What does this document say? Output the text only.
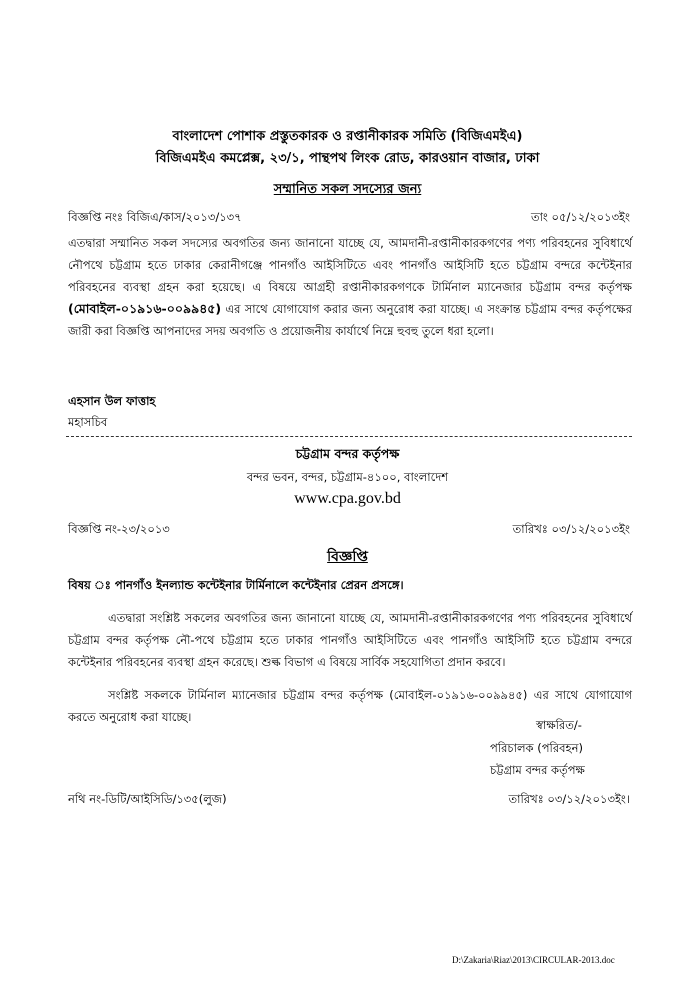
বাংলাদেশ পোশাক প্রস্তুতকারক ও রপ্তানীকারক সমিতি (বিজিএমইএ)
বিজিএমইএ কমপ্লেক্স, ২৩/১, পান্থপথ লিংক রোড, কারওয়ান বাজার, ঢাকা
সম্মানিত সকল সদস্যের জন্য
বিজ্ঞপ্তি নংঃ বিজিএ/কাস/২০১৩/১৩৭	তাং ০৫/১২/২০১৩ইং
এতদ্বারা সম্মানিত সকল সদস্যের অবগতির জন্য জানানো যাচ্ছে যে, আমদানী-রপ্তানীকারকগণের পণ্য পরিবহনের সুবিধার্থে নৌপথে চট্টগ্রাম হতে ঢাকার কেরানীগঞ্জে পানগাঁও আইসিটিতে এবং পানগাঁও আইসিটি হতে চট্টগ্রাম বন্দরে কন্টেইনার পরিবহনের ব্যবস্থা গ্রহন করা হয়েছে। এ বিষয়ে আগ্রহী রপ্তানীকারকগণকে টার্মিনাল ম্যানেজার চট্টগ্রাম বন্দর কর্তৃপক্ষ (মোবাইল-০১৯১৬-০০৯৯৪৫) এর সাথে যোগাযোগ করার জন্য অনুরোধ করা যাচ্ছে। এ সংক্রান্ত চট্টগ্রাম বন্দর কর্তৃপক্ষের জারী করা বিজ্ঞপ্তি আপনাদের সদয় অবগতি ও প্রয়োজনীয় কার্যার্থে নিম্নে হুবহু তুলে ধরা হলো।
এহসান উল ফাত্তাহ
মহাসচিব
চট্টগ্রাম বন্দর কর্তৃপক্ষ
বন্দর ভবন, বন্দর, চট্টগ্রাম-৪১০০, বাংলাদেশ
www.cpa.gov.bd
বিজ্ঞপ্তি নং-২৩/২০১৩	তারিখঃ ০৩/১২/২০১৩ইং
বিজ্ঞপ্তি
বিষয় ঃ পানগাঁও ইনল্যান্ড কন্টেইনার টার্মিনালে কন্টেইনার প্রেরন প্রসঙ্গে।
এতদ্বারা সংশ্লিষ্ট সকলের অবগতির জন্য জানানো যাচ্ছে যে, আমদানী-রপ্তানীকারকগণের পণ্য পরিবহনের সুবিধার্থে চট্টগ্রাম বন্দর কর্তৃপক্ষ নৌ-পথে চট্টগ্রাম হতে ঢাকার পানগাঁও আইসিটিতে এবং পানগাঁও আইসিটি হতে চট্টগ্রাম বন্দরে কন্টেইনার পরিবহনের ব্যবস্থা গ্রহন করেছে। শুল্ক বিভাগ এ বিষয়ে সার্বিক সহযোগিতা প্রদান করবে।
সংশ্লিষ্ট সকলকে টার্মিনাল ম্যানেজার চট্টগ্রাম বন্দর কর্তৃপক্ষ (মোবাইল-০১৯১৬-০০৯৯৪৫) এর সাথে যোগাযোগ করতে অনুরোধ করা যাচ্ছে।
স্বাক্ষরিত/-
পরিচালক (পরিবহন)
চট্টগ্রাম বন্দর কর্তৃপক্ষ
নথি নং-ডিটি/আইসিডি/১৩৫(লুজ)	তারিখঃ ০৩/১২/২০১৩ইং।
D:\Zakaria\Riaz\2013\CIRCULAR-2013.doc
